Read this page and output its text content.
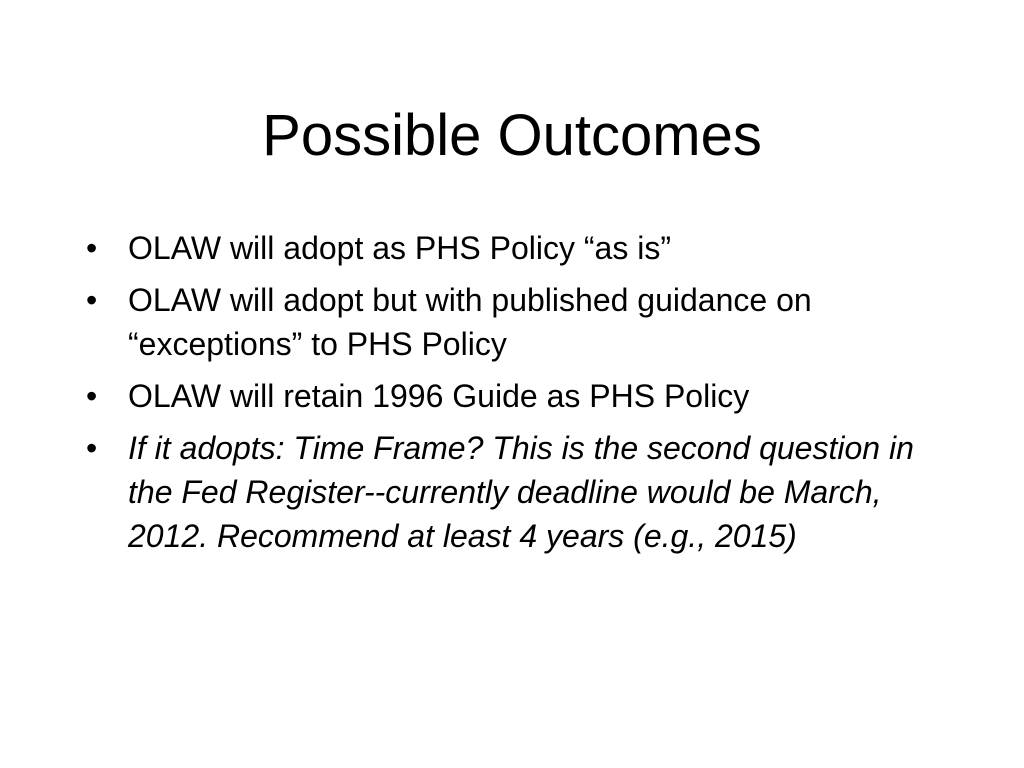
Possible Outcomes
• OLAW will adopt as PHS Policy “as is”
• OLAW will adopt but with published guidance on “exceptions” to PHS Policy
• OLAW will retain 1996 Guide as PHS Policy
• If it adopts: Time Frame? This is the second question in the Fed Register--currently deadline would be March, 2012. Recommend at least 4 years (e.g., 2015)
